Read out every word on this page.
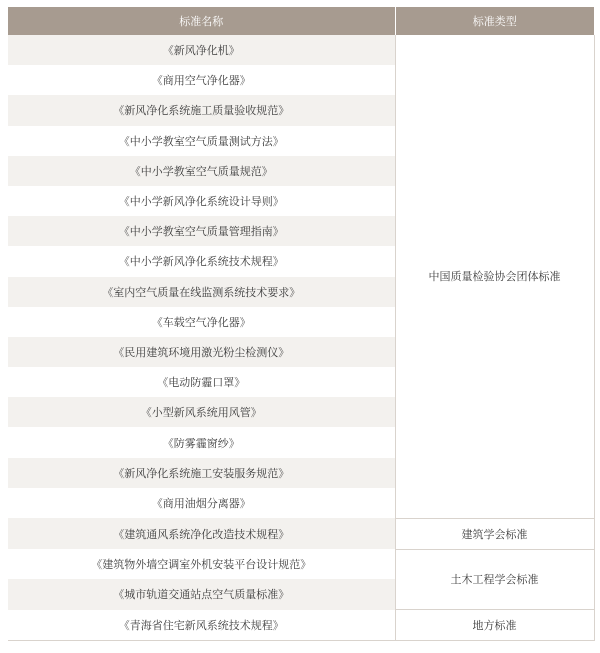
标准名称	标准类型
《新风净化机》	中国质量检验协会团体标准
《商用空气净化器》	
《新风净化系统施工质量验收规范》	
《中小学教室空气质量测试方法》	
《中小学教室空气质量规范》	
《中小学新风净化系统设计导则》	
《中小学教室空气质量管理指南》	
《中小学新风净化系统技术规程》	
《室内空气质量在线监测系统技术要求》	
《车载空气净化器》	
《民用建筑环境用激光粉尘检测仪》	
《电动防霾口罩》	
《小型新风系统用风管》	
《防雾霾窗纱》	
《新风净化系统施工安装服务规范》	
《商用油烟分离器》	
《建筑通风系统净化改造技术规程》	建筑学会标准
《建筑物外墙空调室外机安装平台设计规范》	土木工程学会标准
《城市轨道交通站点空气质量标准》	
《青海省住宅新风系统技术规程》	地方标准
